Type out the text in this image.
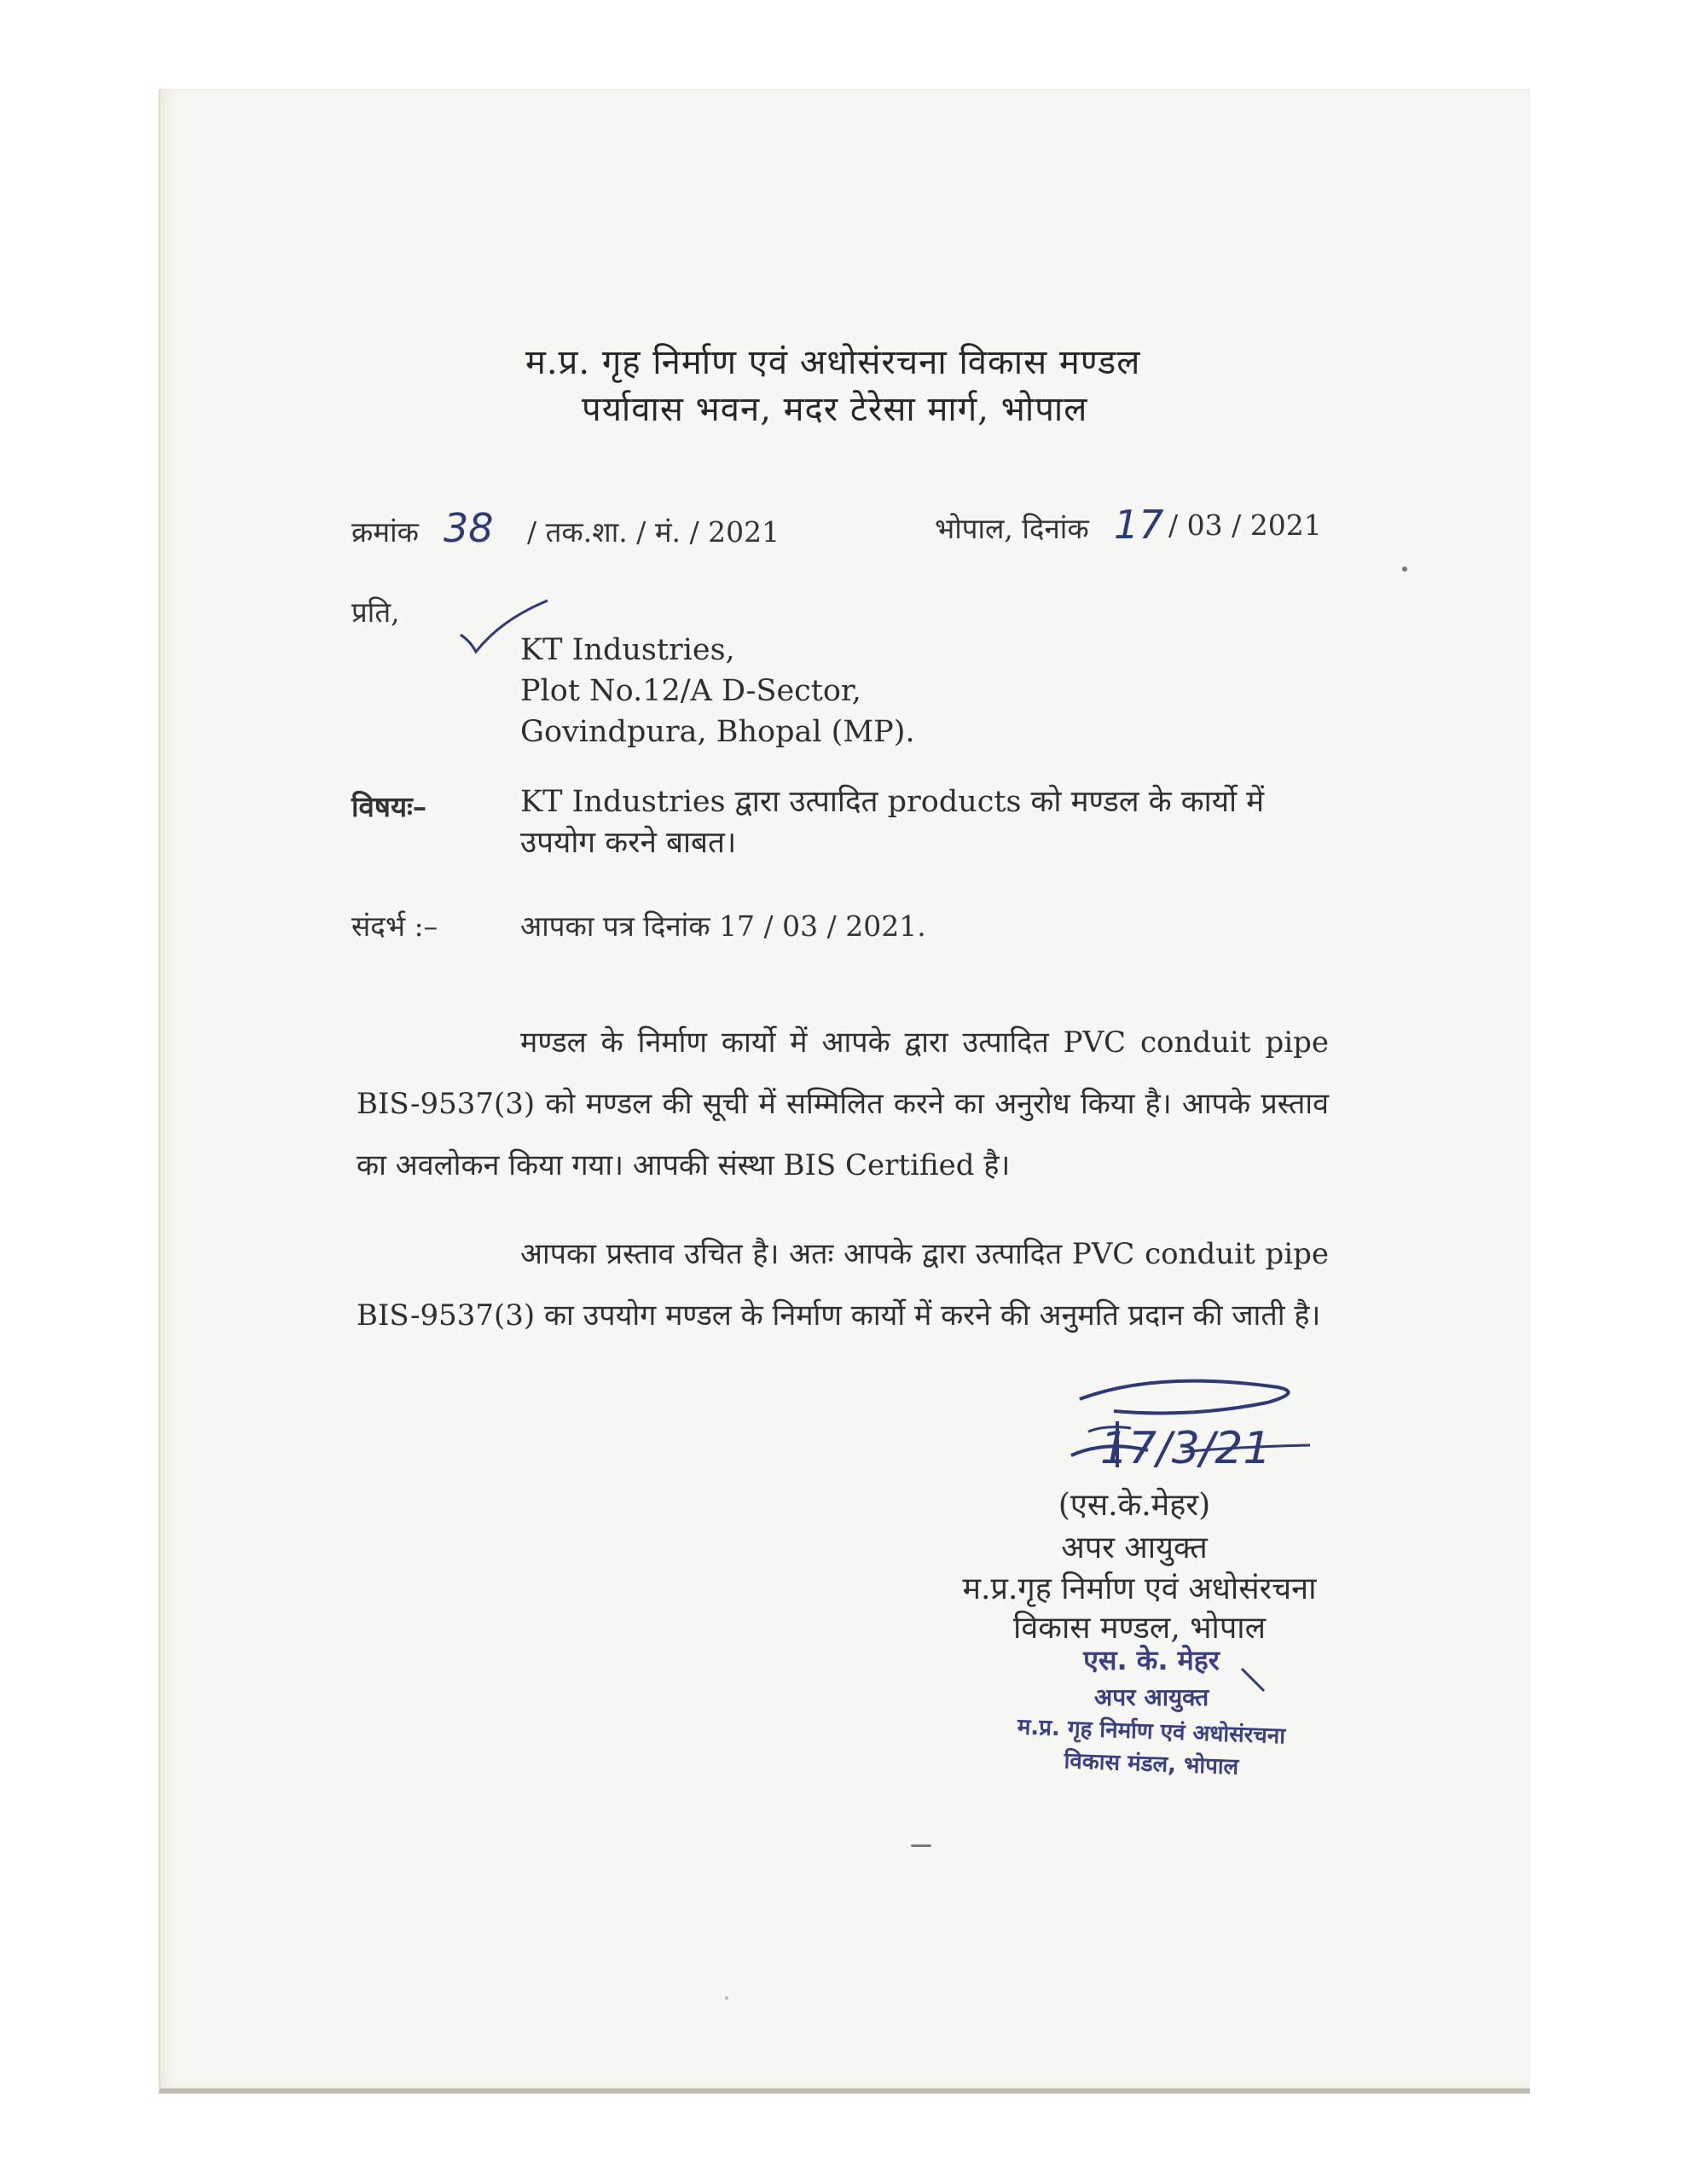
म.प्र. गृह निर्माण एवं अधोसंरचना विकास मण्डल
पर्यावास भवन, मदर टेरेसा मार्ग, भोपाल
क्रमांक 38 / तक.शा. / मं. / 2021	भोपाल, दिनांक 17 / 03 / 2021
प्रति,
KT Industries,
Plot No.12/A D-Sector,
Govindpura, Bhopal (MP).
विषयः–	KT Industries द्वारा उत्पादित products को मण्डल के कार्यो में
उपयोग करने बाबत।
संदर्भ :–	आपका पत्र दिनांक 17 / 03 / 2021.
मण्डल के निर्माण कार्यो में आपके द्वारा उत्पादित PVC conduit pipe BIS-9537(3) को मण्डल की सूची में सम्मिलित करने का अनुरोध किया है। आपके प्रस्ताव का अवलोकन किया गया। आपकी संस्था BIS Certified है।
आपका प्रस्ताव उचित है। अतः आपके द्वारा उत्पादित PVC conduit pipe BIS-9537(3) का उपयोग मण्डल के निर्माण कार्यो में करने की अनुमति प्रदान की जाती है।
17/3/21
(एस.के.मेहर)
अपर आयुक्त
म.प्र.गृह निर्माण एवं अधोसंरचना
विकास मण्डल, भोपाल
एस. के. मेहर
अपर आयुक्त
म.प्र. गृह निर्माण एवं अधोसंरचना
विकास मंडल, भोपाल
